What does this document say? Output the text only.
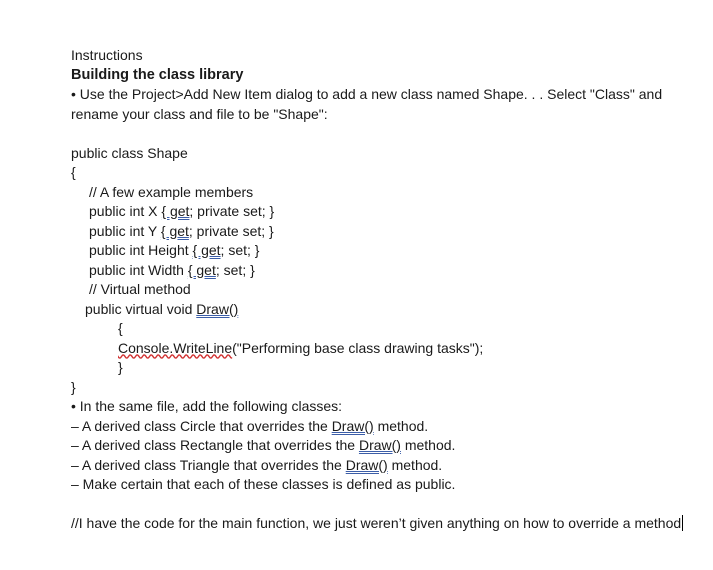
Instructions
Building the class library
• Use the Project>Add New Item dialog to add a new class named Shape. . . Select "Class" and rename your class and file to be "Shape":
public class Shape
{
// A few example members
public int X { get; private set; }
public int Y { get; private set; }
public int Height { get; set; }
public int Width { get; set; }
// Virtual method
public virtual void Draw()
{
Console.WriteLine("Performing base class drawing tasks");
}
}
• In the same file, add the following classes:
– A derived class Circle that overrides the Draw() method.
– A derived class Rectangle that overrides the Draw() method.
– A derived class Triangle that overrides the Draw() method.
– Make certain that each of these classes is defined as public.
//I have the code for the main function, we just weren’t given anything on how to override a method
